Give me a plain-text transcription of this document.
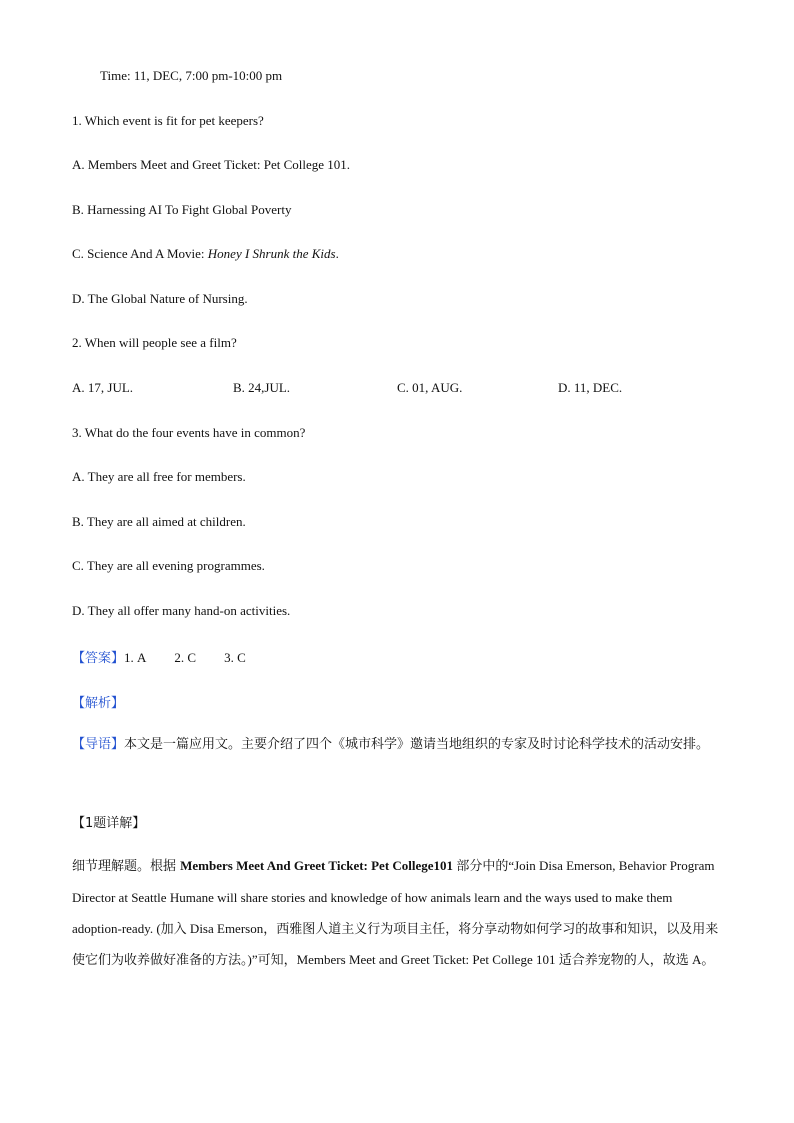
Time: 11, DEC, 7:00 pm-10:00 pm
1. Which event is fit for pet keepers?
A. Members Meet and Greet Ticket: Pet College 101.
B. Harnessing AI To Fight Global Poverty
C. Science And A Movie: Honey I Shrunk the Kids.
D. The Global Nature of Nursing.
2. When will people see a film?
A. 17, JUL.	B. 24,JUL.	C. 01, AUG.	D. 11, DEC.
3. What do the four events have in common?
A. They are all free for members.
B. They are all aimed at children.
C. They are all evening programmes.
D. They all offer many hand-on activities.
【答案】1. A 2. C 3. C
【解析】
【导语】本文是一篇应用文。主要介绍了四个《城市科学》邀请当地组织的专家及时讨论科学技术的活动安排。
【1题详解】
细节理解题。根据 Members Meet And Greet Ticket: Pet College101 部分中的“Join Disa Emerson, Behavior Program Director at Seattle Humane will share stories and knowledge of how animals learn and the ways used to make them adoption-ready. (加入 Disa Emerson，西雅图人道主义行为项目主任，将分享动物如何学习的故事和知识，以及用来使它们为收养做好准备的方法。)”可知，Members Meet and Greet Ticket: Pet College 101 适合养宠物的人，故选 A。
